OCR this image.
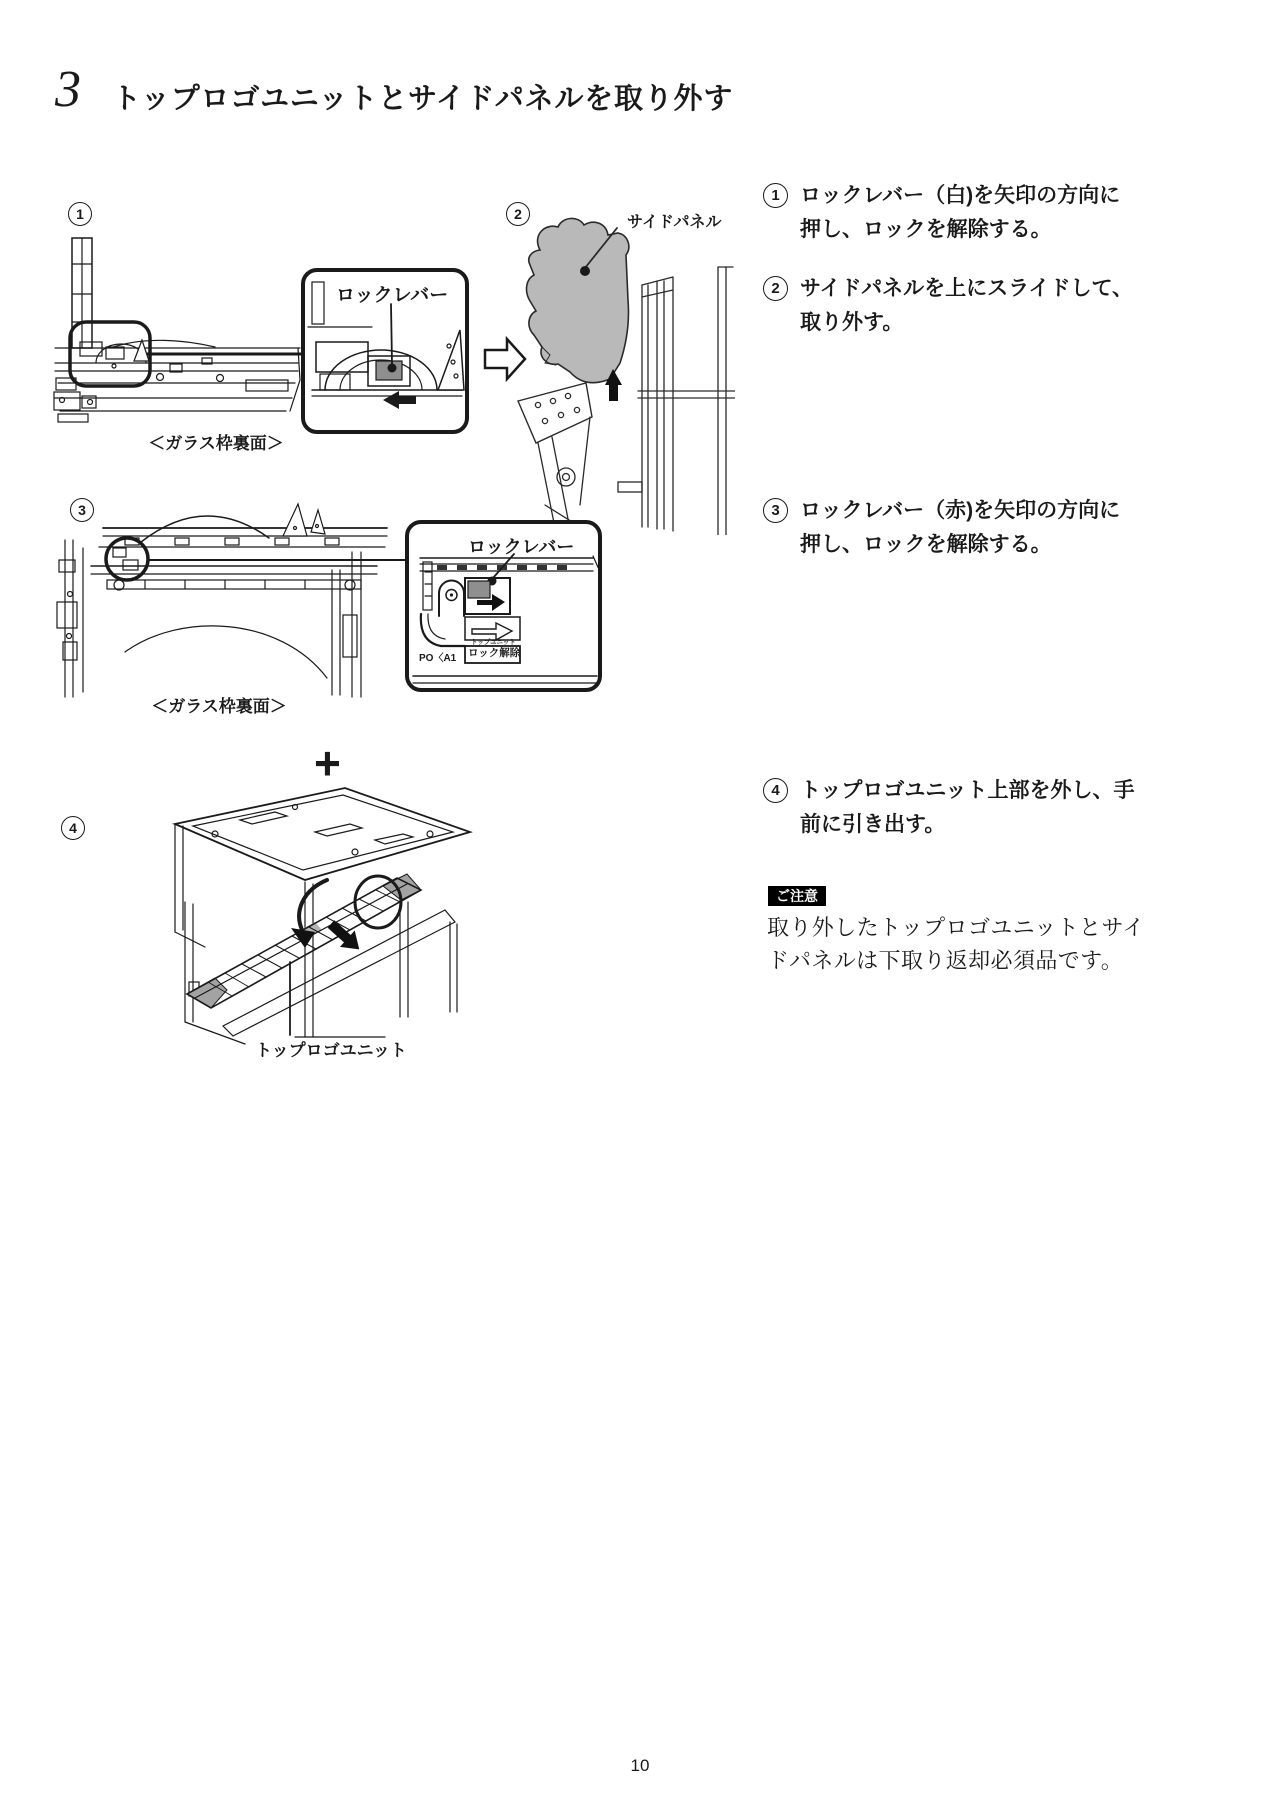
3 トップロゴユニットとサイドパネルを取り外す
1
ロックレバー
＜ガラス枠裏面＞
2	サイドパネル
3
ロックレバー
トップユニット
ロック解除
PO〈A1
＜ガラス枠裏面＞
+
4
トップロゴユニット
1 ロックレバー（白)を矢印の方向に
押し、ロックを解除する。
2 サイドパネルを上にスライドして、
取り外す。
3 ロックレバー（赤)を矢印の方向に
押し、ロックを解除する。
4 トップロゴユニット上部を外し、手
前に引き出す。
ご注意
取り外したトップロゴユニットとサイ
ドパネルは下取り返却必須品です。
10
